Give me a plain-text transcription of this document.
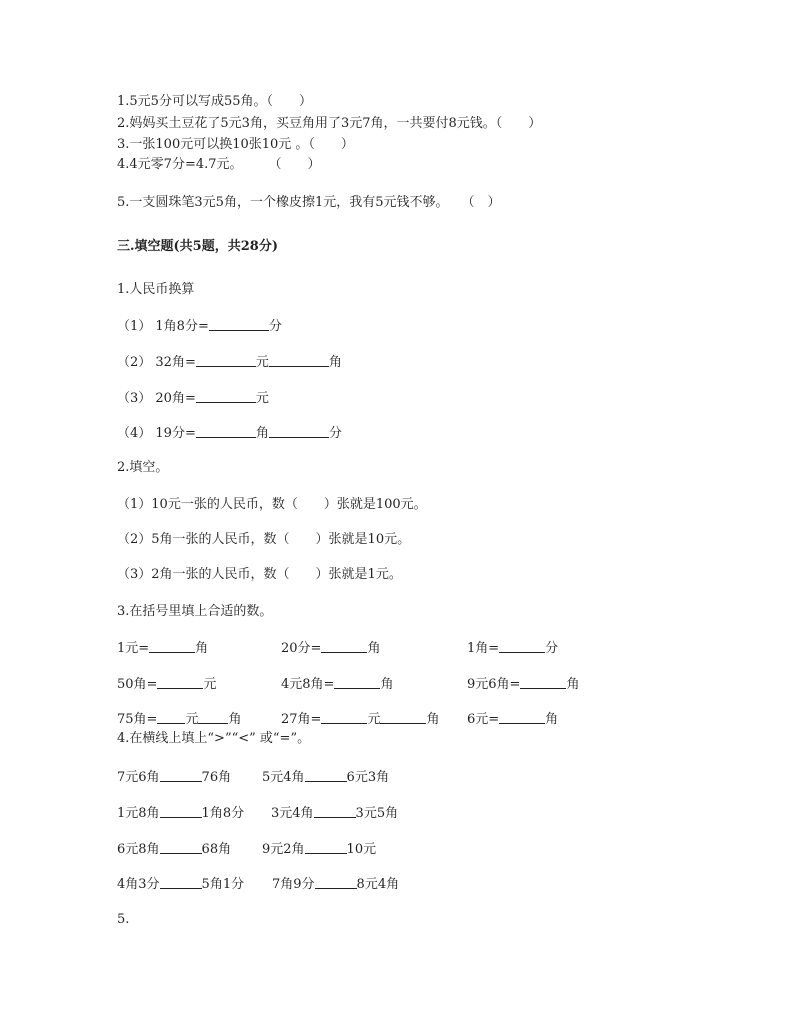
1.5元5分可以写成55角。（　　）
2.妈妈买土豆花了5元3角，买豆角用了3元7角，一共要付8元钱。（　　）
3.一张100元可以换10张10元 。（　　）
4.4元零7分=4.7元。　　　（　　）
5.一支圆珠笔3元5角，一个橡皮擦1元，我有5元钱不够。　　（　）
三.填空题(共5题，共28分)
1.人民币换算
（1） 1角8分=	分
（2） 32角=	元	角
（3） 20角=	元
（4） 19分=	角	分
2.填空。
（1）10元一张的人民币，数（　　）张就是100元。
（2）5角一张的人民币，数（　　）张就是10元。
（3）2角一张的人民币，数（　　）张就是1元。
3.在括号里填上合适的数。
1元=	角	20分=	角	1角=	分
50角=	元	4元8角=	角	9元6角=	角
75角= 元 角	27角=	元	角 6元=	角
4.在横线上填上“>”“<” 或“=”。
7元6角	76角 5元4角	6元3角
1元8角	1角8分 3元4角	3元5角
6元8角	68角 9元2角	10元
4角3分	5角1分 7角9分	8元4角
5.
